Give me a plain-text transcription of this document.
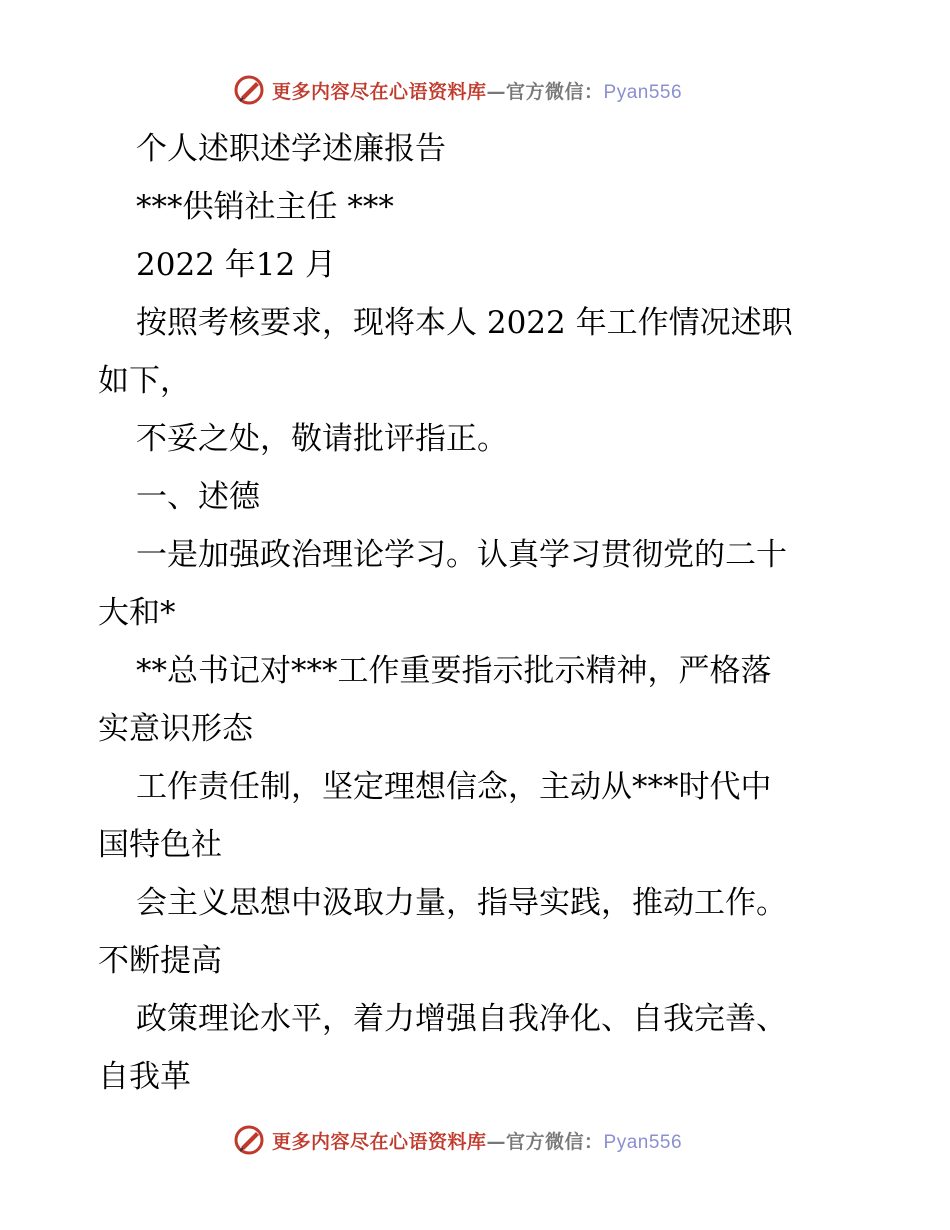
更多内容尽在心语资料库—官方微信：Pyan556
个人述职述学述廉报告
***供销社主任 ***
2022 年12 月
按照考核要求，现将本人 2022 年工作情况述职
如下，
不妥之处，敬请批评指正。
一、述德
一是加强政治理论学习。认真学习贯彻党的二十
大和*
**总书记对***工作重要指示批示精神，严格落
实意识形态
工作责任制，坚定理想信念，主动从***时代中
国特色社
会主义思想中汲取力量，指导实践，推动工作。
不断提高
政策理论水平，着力增强自我净化、自我完善、
自我革
更多内容尽在心语资料库—官方微信：Pyan556
